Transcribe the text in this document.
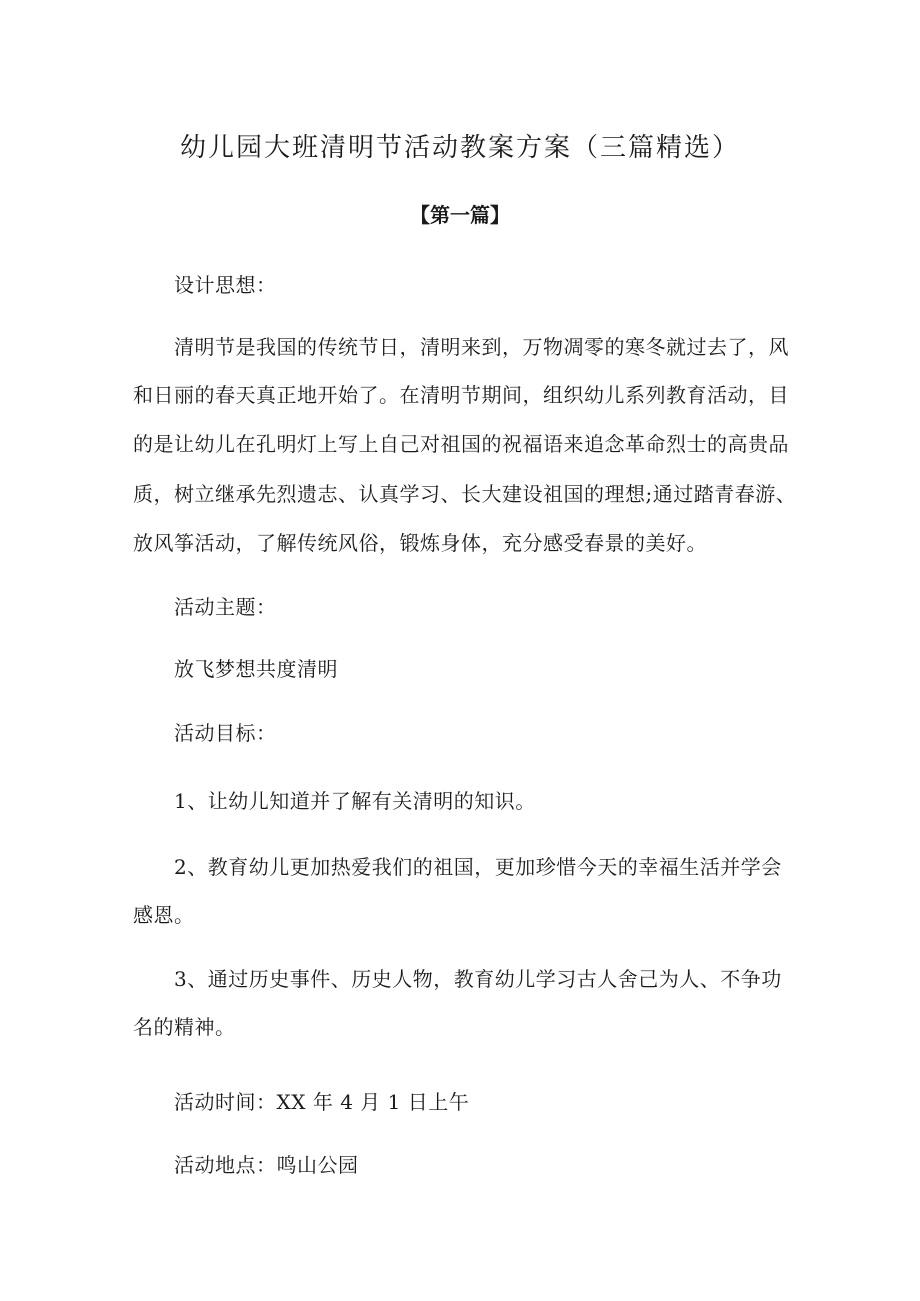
幼儿园大班清明节活动教案方案（三篇精选）
【第一篇】
设计思想：
清明节是我国的传统节日，清明来到，万物凋零的寒冬就过去了，风
和日丽的春天真正地开始了。在清明节期间，组织幼儿系列教育活动，目
的是让幼儿在孔明灯上写上自己对祖国的祝福语来追念革命烈士的高贵品
质，树立继承先烈遗志、认真学习、长大建设祖国的理想;通过踏青春游、
放风筝活动，了解传统风俗，锻炼身体，充分感受春景的美好。
活动主题：
放飞梦想共度清明
活动目标：
1、让幼儿知道并了解有关清明的知识。
2、教育幼儿更加热爱我们的祖国，更加珍惜今天的幸福生活并学会
感恩。
3、通过历史事件、历史人物，教育幼儿学习古人舍己为人、不争功
名的精神。
活动时间：XX 年 4 月 1 日上午
活动地点：鸣山公园
